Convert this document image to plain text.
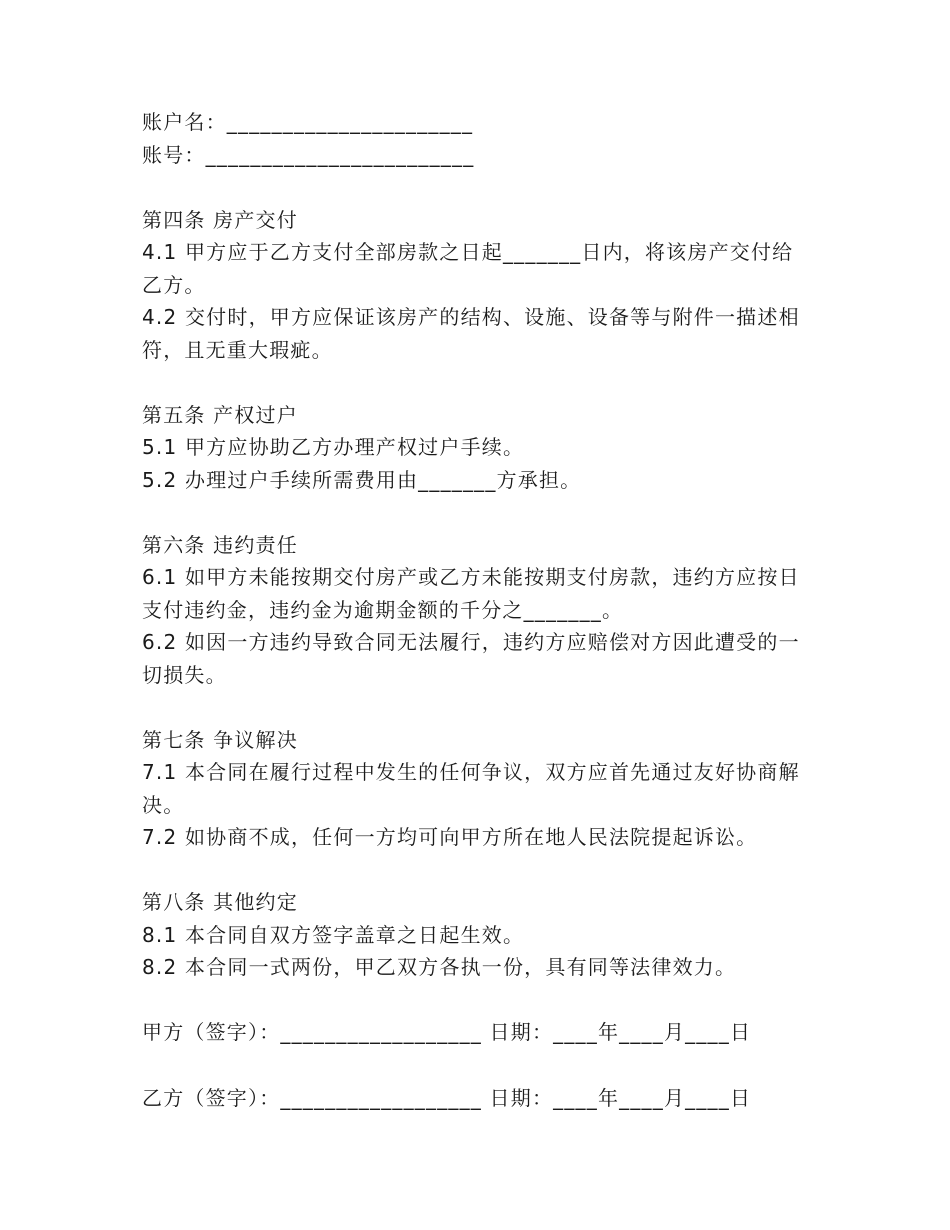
账户名：______________________

账号：________________________

第四条 房产交付

4.1 甲方应于乙方支付全部房款之日起_______日内，将该房产交付给乙方。

4.2 交付时，甲方应保证该房产的结构、设施、设备等与附件一描述相符，且无重大瑕疵。

第五条 产权过户

5.1 甲方应协助乙方办理产权过户手续。

5.2 办理过户手续所需费用由_______方承担。

第六条 违约责任

6.1 如甲方未能按期交付房产或乙方未能按期支付房款，违约方应按日支付违约金，违约金为逾期金额的千分之_______。

6.2 如因一方违约导致合同无法履行，违约方应赔偿对方因此遭受的一切损失。

第七条 争议解决

7.1 本合同在履行过程中发生的任何争议，双方应首先通过友好协商解决。

7.2 如协商不成，任何一方均可向甲方所在地人民法院提起诉讼。

第八条 其他约定

8.1 本合同自双方签字盖章之日起生效。

8.2 本合同一式两份，甲乙双方各执一份，具有同等法律效力。

甲方（签字）：__________________ 日期：____年____月____日

乙方（签字）：__________________ 日期：____年____月____日
